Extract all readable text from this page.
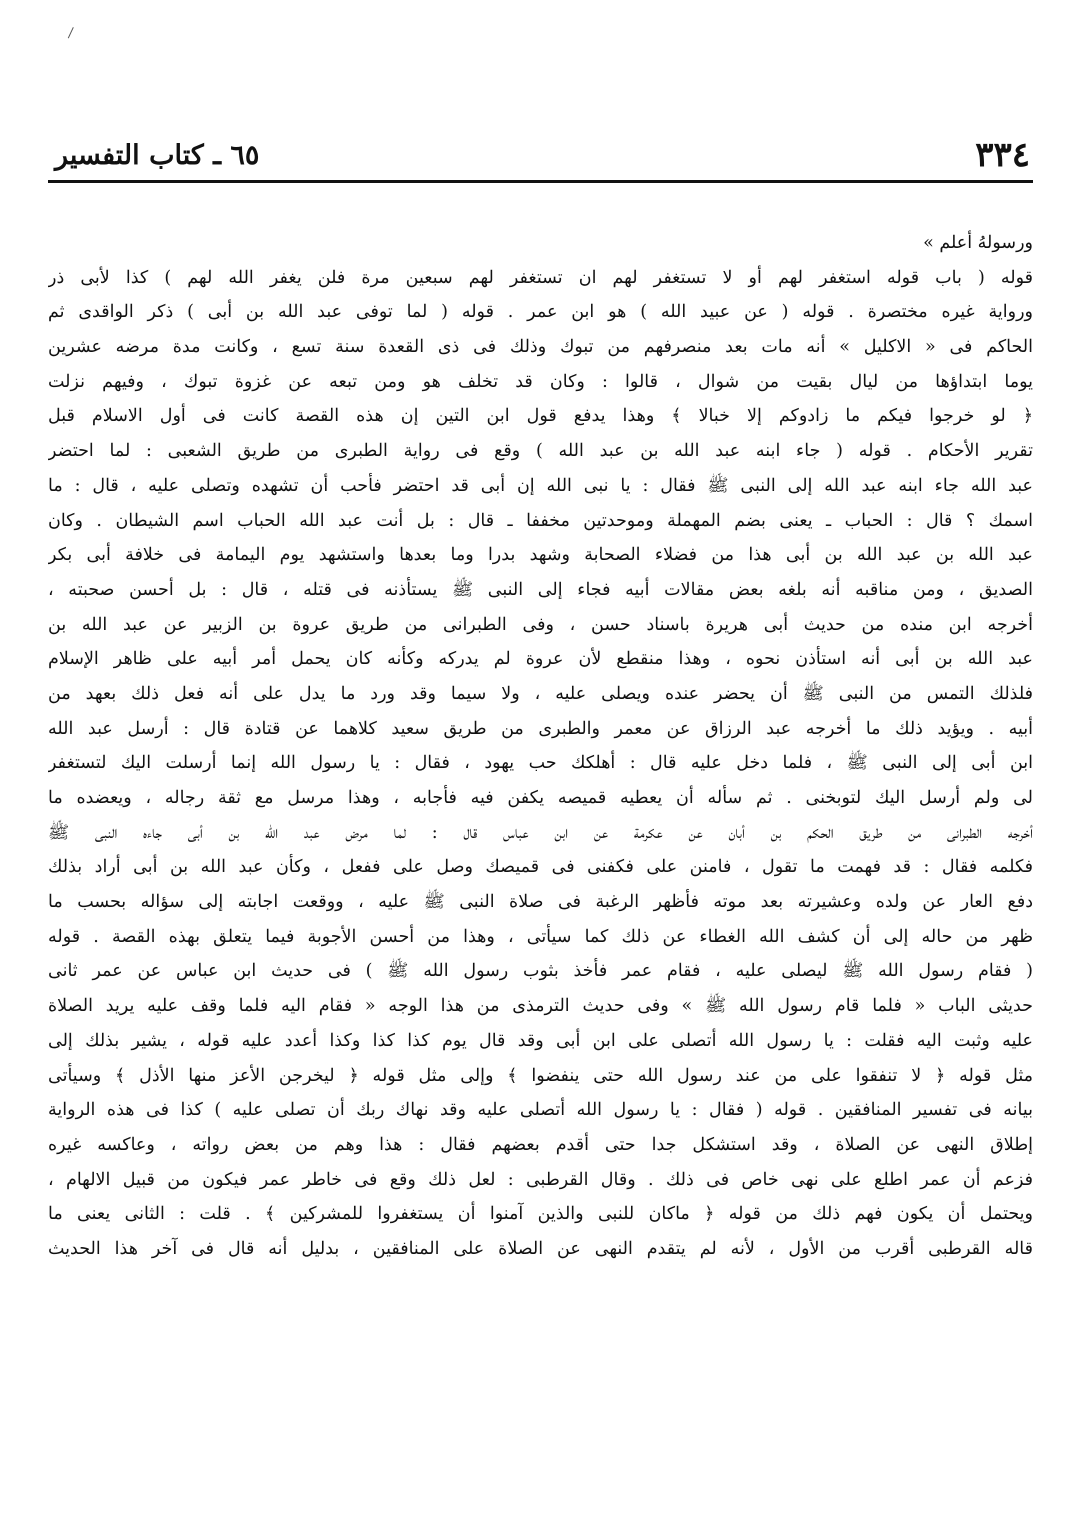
٣٣٤
٦٥ ـ كتاب التفسير
ورسولهُ أعلم »
قوله ( باب قوله استغفر لهم أو لا تستغفر لهم ان تستغفر لهم سبعين مرة فلن يغفر الله لهم ) كذا لأبى ذر
ورواية غيره مختصرة . قوله ( عن عبيد الله ) هو ابن عمر . قوله ( لما توفى عبد الله بن أبى ) ذكر الواقدى ثم
الحاكم فى « الاكليل » أنه مات بعد منصرفهم من تبوك وذلك فى ذى القعدة سنة تسع ، وكانت مدة مرضه عشرين
يوما ابتداؤها من ليال بقيت من شوال ، قالوا : وكان قد تخلف هو ومن تبعه عن غزوة تبوك ، وفيهم نزلت
﴿ لو خرجوا فيكم ما زادوكم إلا خبالا ﴾ وهذا يدفع قول ابن التين إن هذه القصة كانت فى أول الاسلام قبل
تقرير الأحكام . قوله ( جاء ابنه عبد الله بن عبد الله ) وقع فى رواية الطبرى من طريق الشعبى : لما احتضر
عبد الله جاء ابنه عبد الله إلى النبى ﷺ فقال : يا نبى الله إن أبى قد احتضر فأحب أن تشهده وتصلى عليه ، قال : ما
اسمك ؟ قال : الحباب ـ يعنى بضم المهملة وموحدتين مخففا ـ قال : بل أنت عبد الله الحباب اسم الشيطان . وكان
عبد الله بن عبد الله بن أبى هذا من فضلاء الصحابة وشهد بدرا وما بعدها واستشهد يوم اليمامة فى خلافة أبى بكر
الصديق ، ومن مناقبه أنه بلغه بعض مقالات أبيه فجاء إلى النبى ﷺ يستأذنه فى قتله ، قال : بل أحسن صحبته ،
أخرجه ابن منده من حديث أبى هريرة باسناد حسن ، وفى الطبرانى من طريق عروة بن الزبير عن عبد الله بن
عبد الله بن أبى أنه استأذن نحوه ، وهذا منقطع لأن عروة لم يدركه وكأنه كان يحمل أمر أبيه على ظاهر الإسلام
فلذلك التمس من النبى ﷺ أن يحضر عنده ويصلى عليه ، ولا سيما وقد ورد ما يدل على أنه فعل ذلك بعهد من
أبيه . ويؤيد ذلك ما أخرجه عبد الرزاق عن معمر والطبرى من طريق سعيد كلاهما عن قتادة قال : أرسل عبد الله
ابن أبى إلى النبى ﷺ ، فلما دخل عليه قال : أهلكك حب يهود ، فقال : يا رسول الله إنما أرسلت اليك لتستغفر
لى ولم أرسل اليك لتوبخنى . ثم سأله أن يعطيه قميصه يكفن فيه فأجابه ، وهذا مرسل مع ثقة رجاله ، ويعضده ما
أخرجه الطبرانى من طريق الحكم بن أبان عن عكرمة عن ابن عباس قال : لما مرض عبد الله بن أبى جاءه النبى ﷺ
فكلمه فقال : قد فهمت ما تقول ، فامنن على فكفنى فى قميصك وصل على ففعل ، وكأن عبد الله بن أبى أراد بذلك
دفع العار عن ولده وعشيرته بعد موته فأظهر الرغبة فى صلاة النبى ﷺ عليه ، ووقعت اجابته إلى سؤاله بحسب ما
ظهر من حاله إلى أن كشف الله الغطاء عن ذلك كما سيأتى ، وهذا من أحسن الأجوبة فيما يتعلق بهذه القصة . قوله
( فقام رسول الله ﷺ ليصلى عليه ، فقام عمر فأخذ بثوب رسول الله ﷺ ) فى حديث ابن عباس عن عمر ثانى
حديثى الباب « فلما قام رسول الله ﷺ » وفى حديث الترمذى من هذا الوجه « فقام اليه فلما وقف عليه يريد الصلاة
عليه وثبت اليه فقلت : يا رسول الله أتصلى على ابن أبى وقد قال يوم كذا كذا وكذا أعدد عليه قوله ، يشير بذلك إلى
مثل قوله ﴿ لا تنفقوا على من عند رسول الله حتى ينفضوا ﴾ وإلى مثل قوله ﴿ ليخرجن الأعز منها الأذل ﴾ وسيأتى
بيانه فى تفسير المنافقين . قوله ( فقال : يا رسول الله أتصلى عليه وقد نهاك ربك أن تصلى عليه ) كذا فى هذه الرواية
إطلاق النهى عن الصلاة ، وقد استشكل جدا حتى أقدم بعضهم فقال : هذا وهم من بعض رواته ، وعاكسه غيره
فزعم أن عمر اطلع على نهى خاص فى ذلك . وقال القرطبى : لعل ذلك وقع فى خاطر عمر فيكون من قبيل الالهام ،
ويحتمل أن يكون فهم ذلك من قوله ﴿ ماكان للنبى والذين آمنوا أن يستغفروا للمشركين ﴾ . قلت : الثانى يعنى ما
قاله القرطبى أقرب من الأول ، لأنه لم يتقدم النهى عن الصلاة على المنافقين ، بدليل أنه قال فى آخر هذا الحديث
